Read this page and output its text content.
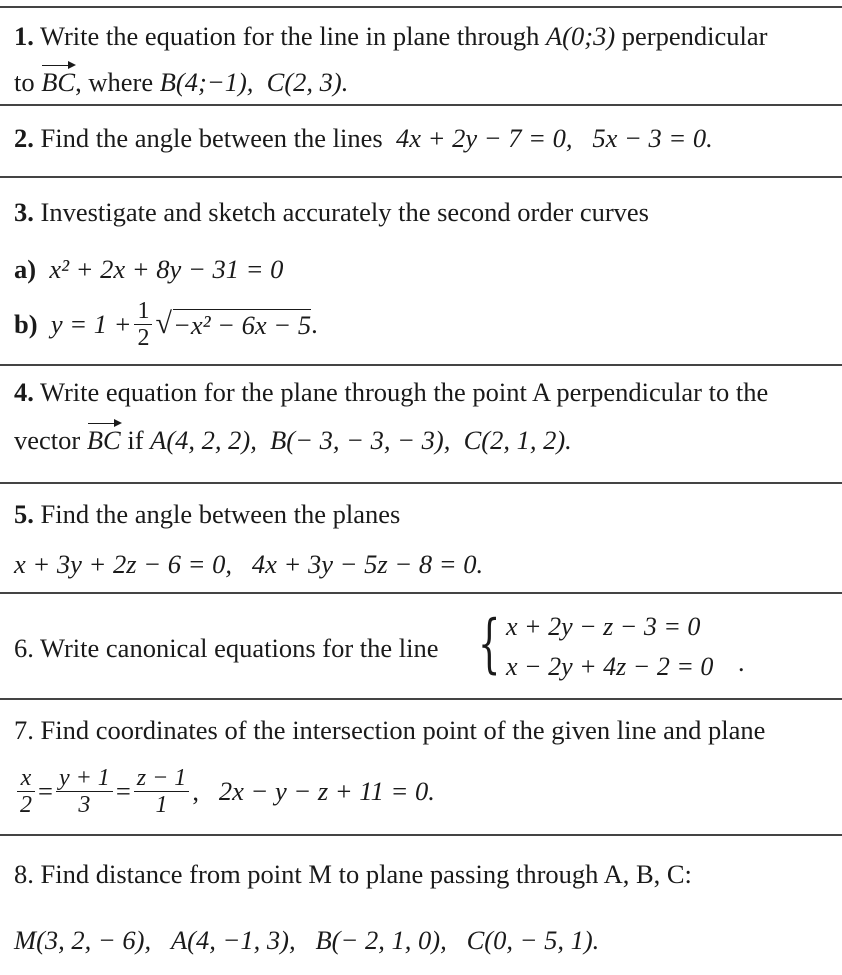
1. Write the equation for the line in plane through A(0;3) perpendicular
to BC, where B(4;−1), C(2, 3).
2. Find the angle between the lines 4x + 2y − 7 = 0, 5x − 3 = 0.
3. Investigate and sketch accurately the second order curves
a) x² + 2x + 8y − 31 = 0
b)
$y = 1 + \frac{1}{2}$ √ −x² − 6x − 5 .
4. Write equation for the plane through the point A perpendicular to the
vector BC if A(4, 2, 2), B(− 3, − 3, − 3), C(2, 1, 2).
5. Find the angle between the planes
x + 3y + 2z − 6 = 0, 4x + 3y − 5z − 8 = 0.
6. Write canonical equations for the line { x + 2y − z − 3 = 0
x − 2y + 4z − 2 = 0 .
7. Find coordinates of the intersection point of the given line and plane
$\frac{x}{2} = \frac{y + 1}{3} = \frac{z - 1}{1}$ ,
2x − y − z + 11 = 0.
8. Find distance from point M to plane passing through A, B, C:
M(3, 2, − 6), A(4, −1, 3), B(− 2, 1, 0), C(0, − 5, 1).
